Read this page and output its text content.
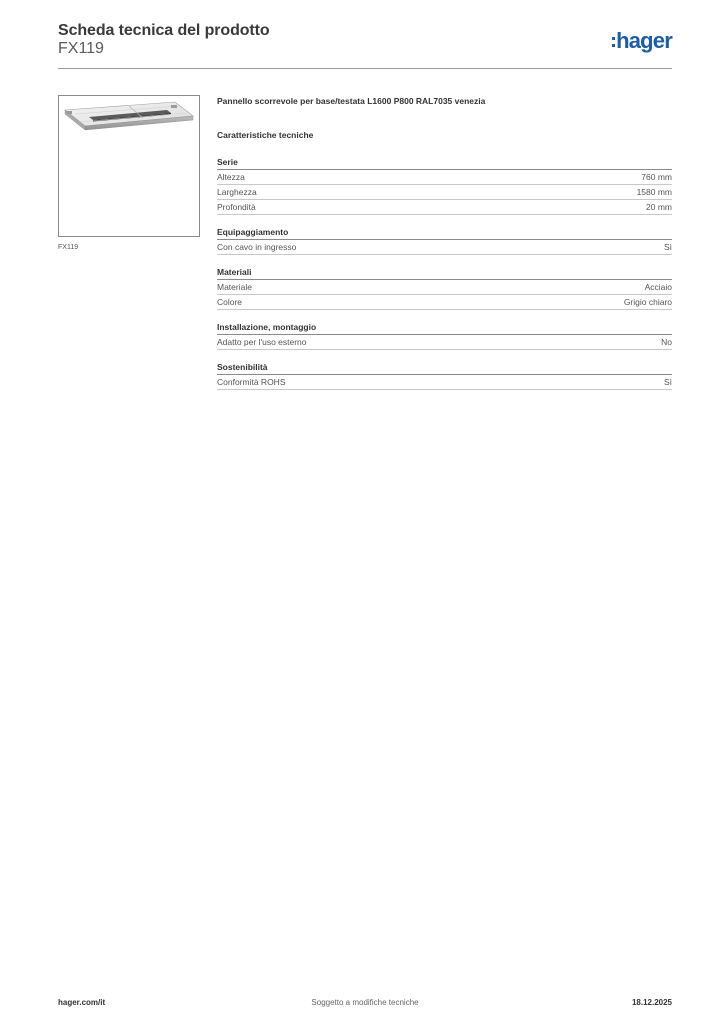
Scheda tecnica del prodotto
FX119	hager
FX119
Pannello scorrevole per base/testata L1600 P800 RAL7035 venezia
Caratteristiche tecniche
Serie
Altezza	760 mm
Larghezza	1580 mm
Profondità	20 mm
Equipaggiamento
Con cavo in ingresso	Sì
Materiali
Materiale	Acciaio
Colore	Grigio chiaro
Installazione, montaggio
Adatto per l'uso esterno	No
Sostenibilità
Conformità ROHS	Sì
hager.com/it	Soggetto a modifiche tecniche	18.12.2025
